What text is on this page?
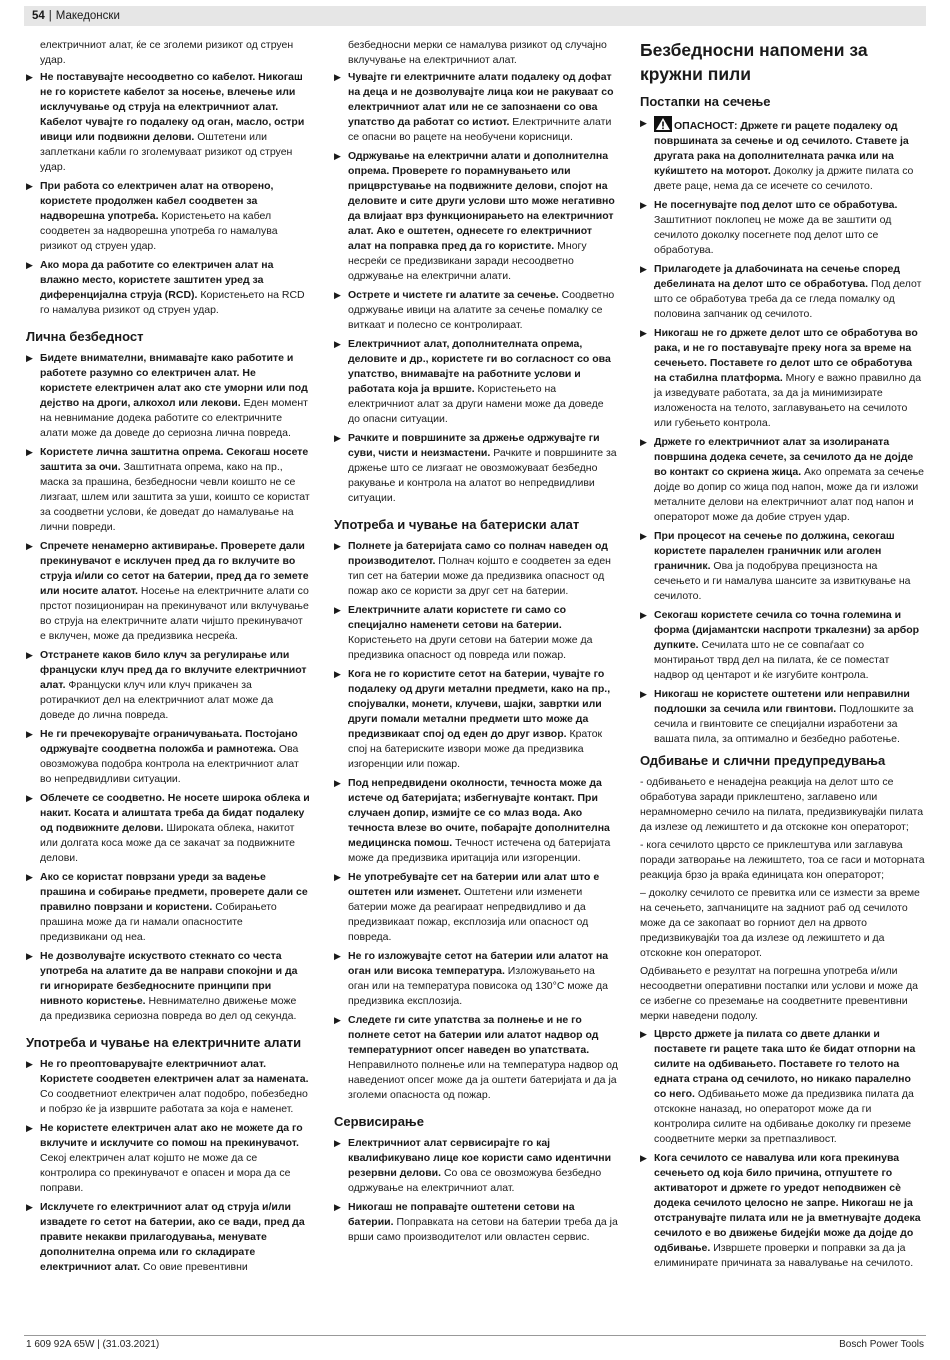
54 | Македонски

електричниот алат, ќе се зголеми ризикот од струен удар.

▶ Не поставувајте несоодветно со кабелот. Никогаш не го користете кабелот за носење, влечење или исклучување од струја на електричниот алат. Кабелот чувајте го подалеку од оган, масло, остри ивици или подвижни делови. Оштетени или заплеткани кабли го зголемуваат ризикот од струен удар.
▶ При работа со електричен алат на отворено, користете продолжен кабел соодветен за надворешна употреба. Користењето на кабел соодветен за надворешна употреба го намалува ризикот од струен удар.
▶ Ако мора да работите со електричен алат на влажно место, користете заштитен уред за диференцијална струја (RCD). Користењето на RCD го намалува ризикот од струен удар.
Лична безбедност
▶ Бидете внимателни, внимавајте како работите и работете разумно со електричен алат. Не користете електричен алат ако сте уморни или под дејство на дроги, алкохол или лекови. Еден момент на невнимание додека работите со електричните алати може да доведе до сериозна лична повреда.
▶ Користете лична заштитна опрема. Секогаш носете заштита за очи. Заштитната опрема, како на пр., маска за прашина, безбедносни чевли коишто не се лизгаат, шлем или заштита за уши, коишто се користат за соодветни услови, ќе доведат до намалување на лични повреди.
▶ Спречете ненамерно активирање. Проверете дали прекинувачот е исклучен пред да го вклучите во струја и/или со сетот на батерии, пред да го земете или носите алатот. Носење на електричните алати со прстот позициониран на прекинувачот или вклучување во струја на електричните алати чијшто прекинувачот е вклучен, може да предизвика несреќа.
▶ Отстранете каков било клуч за регулирање или француски клуч пред да го вклучите електричниот алат. Француски клуч или клуч прикачен за ротирачкиот дел на електричниот алат може да доведе до лична повреда.
▶ Не ги пречекорувајте ограничувањата. Постојано одржувајте соодветна положба и рамнотежа. Ова овозможува подобра контрола на електричниот алат во непредвидливи ситуации.
▶ Облечете се соодветно. Не носете широка облека и накит. Косата и алиштата треба да бидат подалеку од подвижните делови. Широката облека, накитот или долгата коса може да се закачат за подвижните делови.
▶ Ако се користат поврзани уреди за вадење прашина и собирање предмети, проверете дали се правилно поврзани и користени. Собирањето прашина може да ги намали опасностите предизвикани од неа.
▶ Не дозволувајте искуството стекнато со честа употреба на алатите да ве направи спокојни и да ги игнорирате безбедносните принципи при нивното користење. Невнимателно движење може да предизвика сериозна повреда во дел од секунда.
Употреба и чување на електричните алати
▶ Не го преоптоварувајте електричниот алат. Користете соодветен електричен алат за намената. Со соодветниот електричен алат подобро, побезбедно и побрзо ќе ја извршите работата за која е наменет.
▶ Не користете електричен алат ако не можете да го вклучите и исклучите со помош на прекинувачот. Секој електричен алат којшто не може да се контролира со прекинувачот е опасен и мора да се поправи.
▶ Исклучете го електричниот алат од струја и/или извадете го сетот на батерии, ако се вади, пред да правите некакви прилагодувања, менувате дополнителна опрема или го складирате електричниот алат. Со овие превентивни

безбедносни мерки се намалува ризикот од случајно вклучување на електричниот алат.

▶ Чувајте ги електричните алати подалеку од дофат на деца и не дозволувајте лица кои не ракуваат со електричниот алат или не се запознаени со ова упатство да работат со истиот. Електричните алати се опасни во рацете на необучени корисници.
▶ Одржување на електрични алати и дополнителна опрема. Проверете го порамнувањето или прицврстување на подвижните делови, спојот на деловите и сите други услови што може негативно да влијаат врз функционирањето на електричниот алат. Ако е оштетен, однесете го електричниот алат на поправка пред да го користите. Многу несреќи се предизвикани заради несоодветно одржување на електрични алати.
▶ Острете и чистете ги алатите за сечење. Соодветно одржување ивици на алатите за сечење помалку се виткаат и полесно се контролираат.
▶ Електричниот алат, дополнителната опрема, деловите и др., користете ги во согласност со ова упатство, внимавајте на работните услови и работата која ја вршите. Користењето на електричниот алат за други намени може да доведе до опасни ситуации.
▶ Рачките и површините за држење одржувајте ги суви, чисти и неизмастени. Рачките и површините за држење што се лизгаат не овозможуваат безбедно ракување и контрола на алатот во непредвидливи ситуации.
Употреба и чување на батериски алат
▶ Полнете ја батеријата само со полнач наведен од производителот. Полнач којшто е соодветен за еден тип сет на батерии може да предизвика опасност од пожар ако се користи за друг сет на батерии.
▶ Електричните алати користете ги само со специјално наменети сетови на батерии. Користењето на други сетови на батерии може да предизвика опасност од повреда или пожар.
▶ Кога не го користите сетот на батерии, чувајте го подалеку од други метални предмети, како на пр., спојувалки, монети, клучеви, шајки, завртки или други помали метални предмети што може да предизвикаат спој од еден до друг извор. Краток спој на батериските извори може да предизвика изгоренции или пожар.
▶ Под непредвидени околности, течноста може да истече од батеријата; избегнувајте контакт. При случаен допир, измијте се со млаз вода. Ако течноста влезе во очите, побарајте дополнителна медицинска помош. Течност истечена од батеријата може да предизвика иритација или изгоренции.
▶ Не употребувајте сет на батерии или алат што е оштетен или изменет. Оштетени или изменети батерии може да реагираат непредвидливо и да предизвикаат пожар, експлозија или опасност од повреда.
▶ Не го изложувајте сетот на батерии или алатот на оган или висока температура. Изложувањето на оган или на температура повисока од 130°C може да предизвика експлозија.
▶ Следете ги сите упатства за полнење и не го полнете сетот на батерии или алатот надвор од температурниот опсег наведен во упатствата. Неправилното полнење или на температура надвор од наведениот опсег може да ја оштети батеријата и да ја зголеми опасноста од пожар.
Сервисирање
▶ Електричниот алат сервисирајте го кај квалификувано лице кое користи само идентични резервни делови. Со ова се овозможува безбедно одржување на електричниот алат.
▶ Никогаш не поправајте оштетени сетови на батерии. Поправката на сетови на батерии треба да ја врши само производителот или овластен сервис.
Безбедносни напомени за кружни пили
Постапки на сечење
▶	ОПАСНОСТ: Држете ги рацете подалеку од површината за сечење и од сечилото. Ставете ја другата рака на дополнителната рачка или на куќиштето на моторот. Доколку ја држите пилата со двете раце, нема да се исечете со сечилото.
▶ Не посегнувајте под делот што се обработува. Заштитниот поклопец не може да ве заштити од сечилото доколку посегнете под делот што се обработува.
▶ Прилагодете ја длабочината на сечење според дебелината на делот што се обработува. Под делот што се обработува треба да се гледа помалку од половина запчаник од сечилото.
▶ Никогаш не го држете делот што се обработува во рака, и не го поставувајте преку нога за време на сечењето. Поставете го делот што се обработува на стабилна платформа. Многу е важно правилно да ја изведувате работата, за да ја минимизирате изложеноста на телото, заглавувањето на сечилото или губењето контрола.
▶ Држете го електричниот алат за изолираната површина додека сечете, за сечилото да не дојде во контакт со скриена жица. Ако опремата за сечење дојде во допир со жица под напон, може да ги изложи металните делови на електричниот алат под напон и операторот може да добие струен удар.
▶ При процесот на сечење по должина, секогаш користете паралелен граничник или аголен граничник. Ова ја подобрува прецизноста на сечењето и ги намалува шансите за извиткување на сечилото.
▶ Секогаш користете сечила со точна големина и форма (дијамантски наспроти тркалезни) за арбор дупките. Сечилата што не се совпаѓаат со монтирањот тврд дел на пилата, ќе се поместат надвор од центарот и ќе изгубите контрола.
▶ Никогаш не користете оштетени или неправилни подлошки за сечила или гвинтови. Подлошките за сечила и гвинтовите се специјални изработени за вашата пила, за оптимално и безбедно работење.
Одбивање и слични предупредувања

- одбивањето е ненадејна реакција на делот што се обработува заради приклештено, заглавено или нерамномерно сечило на пилата, предизвикувајќи пилата да излезе од лежиштето и да отскокне кон операторот;

- кога сечилото цврсто се приклештува или заглавува поради затворање на лежиштето, тоа се гаси и моторната реакција брзо ја враќа единицата кон операторот;

– доколку сечилото се превитка или се измести за време на сечењето, запчаниците на задниот раб од сечилото може да се закопаат во горниот дел на дрвото предизвикувајќи тоа да излезе од лежиштето и да отскокне кон операторот.

Одбивањето е резултат на погрешна употреба и/или несоодветни оперативни постапки или услови и може да се избегне со преземање на соодветните превентивни мерки наведени подолу.

▶ Цврсто држете ја пилата со двете дланки и поставете ги рацете така што ќе бидат отпорни на силите на одбивањето. Поставете го телото на едната страна од сечилото, но никако паралелно со него. Одбивањето може да предизвика пилата да отскокне наназад, но операторот може да ги контролира силите на одбивање доколку ги преземе соодветните мерки за претпазливост.
▶ Кога сечилото се навалува или кога прекинува сечењето од која било причина, отпуштете го активаторот и држете го уредот неподвижен сè додека сечилото целосно не запре. Никогаш не ја отстранувајте пилата или не ја вметнувајте додека сечилото е во движење бидејќи може да дојде до одбивање. Извршете проверки и поправки за да ја елиминирате причината за навалување на сечилото.
1 609 92A 65W | (31.03.2021)	Bosch Power Tools
